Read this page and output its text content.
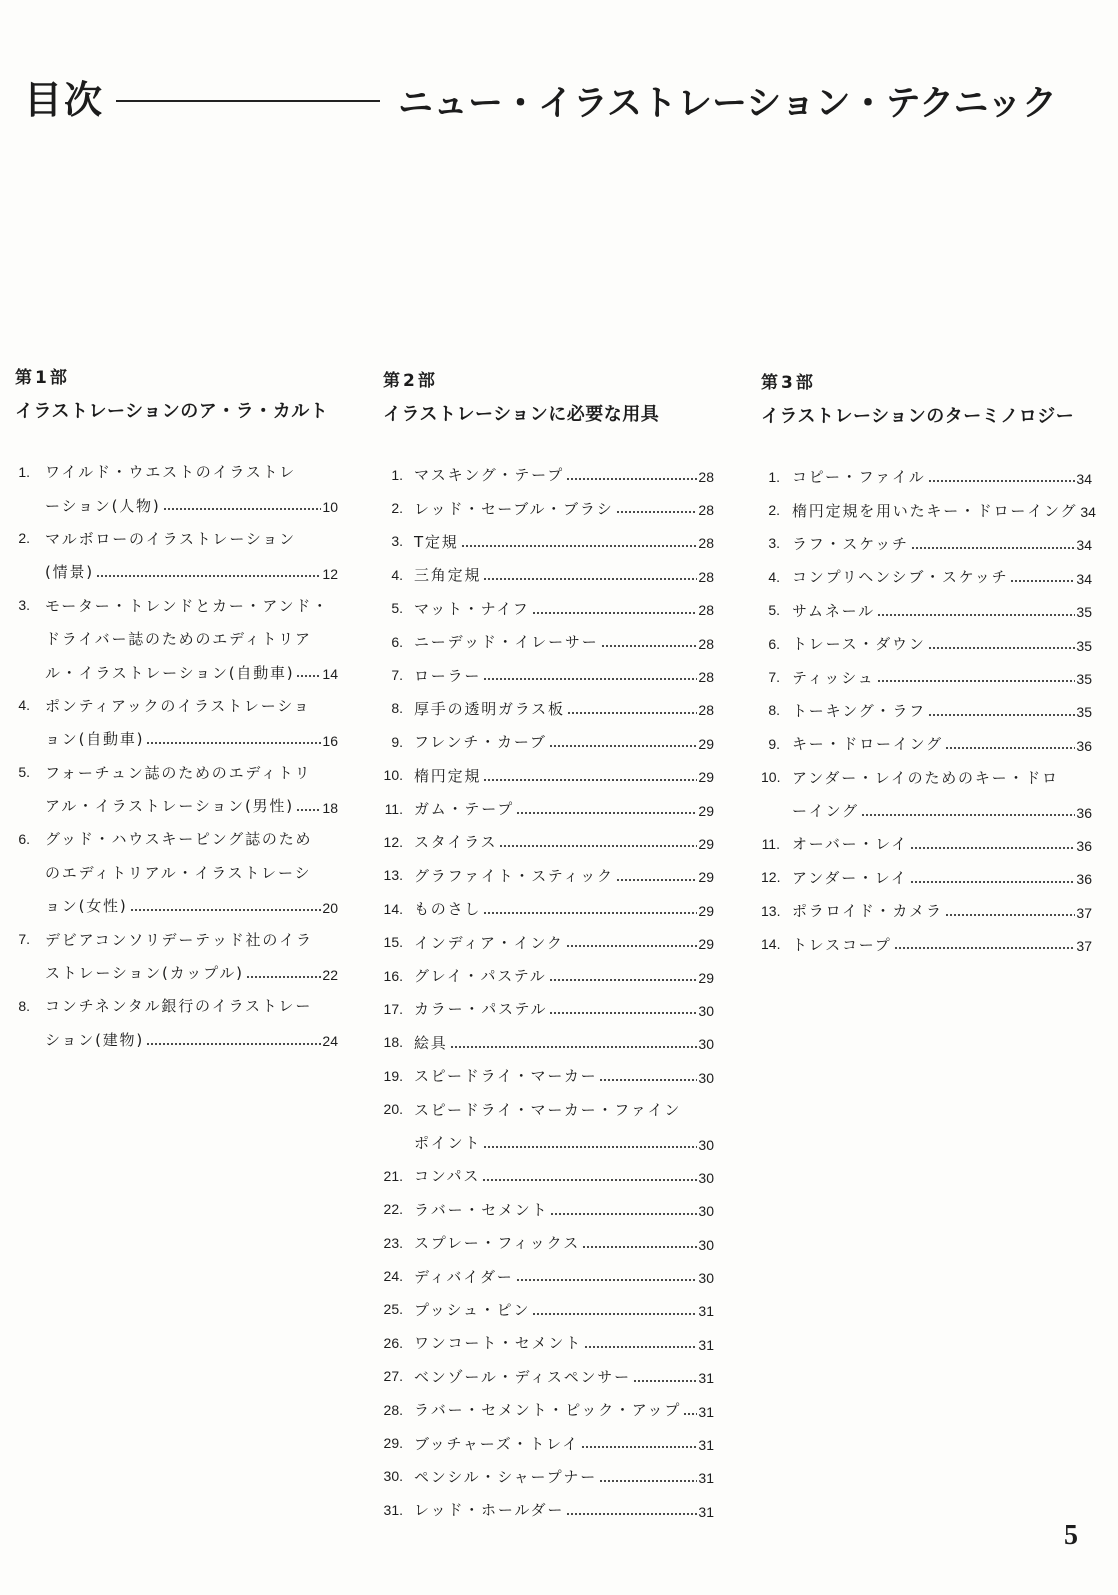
目次	ニュー・イラストレーション・テクニック
第1部
イラストレーションのア・ラ・カルト
1.	ワイルド・ウエストのイラストレ
ーション(人物)	10
2.	マルボローのイラストレーション
(情景)	12
3.	モーター・トレンドとカー・アンド・
ドライバー誌のためのエディトリア
ル・イラストレーション(自動車) 14
4.	ポンティアックのイラストレーショ
ョン(自動車)	16
5.	フォーチュン誌のためのエディトリ
アル・イラストレーション(男性) 18
6.	グッド・ハウスキーピング誌のため
のエディトリアル・イラストレーシ
ョン(女性)	20
7.	デビアコンソリデーテッド社のイラ
ストレーション(カップル)	22
8.	コンチネンタル銀行のイラストレー
ション(建物)	24
第2部
イラストレーションに必要な用具
1. マスキング・テープ	28
2. レッド・セーブル・ブラシ	28
3. T定規	28
4. 三角定規	28
5. マット・ナイフ	28
6. ニーデッド・イレーサー	28
7. ローラー	28
8. 厚手の透明ガラス板	28
9. フレンチ・カーブ	29
10. 楕円定規	29
11. ガム・テープ	29
12. スタイラス	29
13. グラファイト・スティック	29
14. ものさし	29
15. インディア・インク	29
16. グレイ・パステル	29
17. カラー・パステル	30
18. 絵具	30
19. スピードライ・マーカー	30
20. スピードライ・マーカー・ファイン
ポイント	30
21. コンパス	30
22. ラバー・セメント	30
23. スプレー・フィックス	30
24. ディバイダー	30
25. プッシュ・ピン	31
26. ワンコート・セメント	31
27. ベンゾール・ディスペンサー	31
28. ラバー・セメント・ピック・アップ 31
29. ブッチャーズ・トレイ	31
30. ペンシル・シャープナー	31
31. レッド・ホールダー	31
第3部
イラストレーションのターミノロジー
1. コピー・ファイル	34
2. 楕円定規を用いたキー・ドローイング 34
3. ラフ・スケッチ	34
4. コンプリヘンシブ・スケッチ	34
5. サムネール	35
6. トレース・ダウン	35
7. ティッシュ	35
8. トーキング・ラフ	35
9. キー・ドローイング	36
10. アンダー・レイのためのキー・ドロ
ーイング	36
11. オーバー・レイ	36
12. アンダー・レイ	36
13. ポラロイド・カメラ	37
14. トレスコープ	37
5
